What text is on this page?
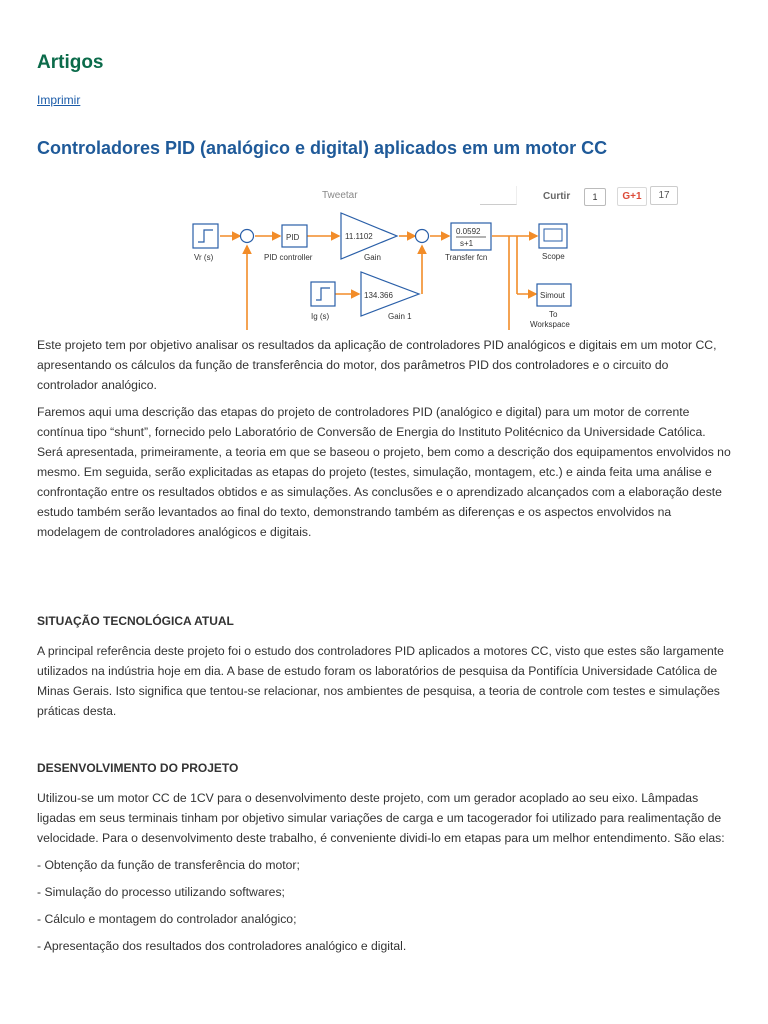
Artigos
Imprimir
Controladores PID (analógico e digital) aplicados em um motor CC
Vr (s)
PID
PID controller
11.1102
Gain
0.0592
s+1
Transfer fcn	Scope
Ig (s)
134.366
Gain 1
Simout
To
Workspace
Tweetar	Curtir	1	G+1	17

Este projeto tem por objetivo analisar os resultados da aplicação de controladores PID analógicos e digitais em um motor CC, apresentando os cálculos da função de transferência do motor, dos parâmetros PID dos controladores e o circuito do controlador analógico.

Faremos aqui uma descrição das etapas do projeto de controladores PID (analógico e digital) para um motor de corrente contínua tipo “shunt”, fornecido pelo Laboratório de Conversão de Energia do Instituto Politécnico da Universidade Católica. Será apresentada, primeiramente, a teoria em que se baseou o projeto, bem como a descrição dos equipamentos envolvidos no mesmo. Em seguida, serão explicitadas as etapas do projeto (testes, simulação, montagem, etc.) e ainda feita uma análise e confrontação entre os resultados obtidos e as simulações. As conclusões e o aprendizado alcançados com a elaboração deste estudo também serão levantados ao final do texto, demonstrando também as diferenças e os aspectos envolvidos na modelagem de controladores analógicos e digitais.

SITUAÇÃO TECNOLÓGICA ATUAL

A principal referência deste projeto foi o estudo dos controladores PID aplicados a motores CC, visto que estes são largamente utilizados na indústria hoje em dia. A base de estudo foram os laboratórios de pesquisa da Pontifícia Universidade Católica de Minas Gerais. Isto significa que tentou-se relacionar, nos ambientes de pesquisa, a teoria de controle com testes e simulações práticas desta.

DESENVOLVIMENTO DO PROJETO

Utilizou-se um motor CC de 1CV para o desenvolvimento deste projeto, com um gerador acoplado ao seu eixo. Lâmpadas ligadas em seus terminais tinham por objetivo simular variações de carga e um tacogerador foi utilizado para realimentação de velocidade. Para o desenvolvimento deste trabalho, é conveniente dividi-lo em etapas para um melhor entendimento. São elas:

- Obtenção da função de transferência do motor;

- Simulação do processo utilizando softwares;

- Cálculo e montagem do controlador analógico;

- Apresentação dos resultados dos controladores analógico e digital.
